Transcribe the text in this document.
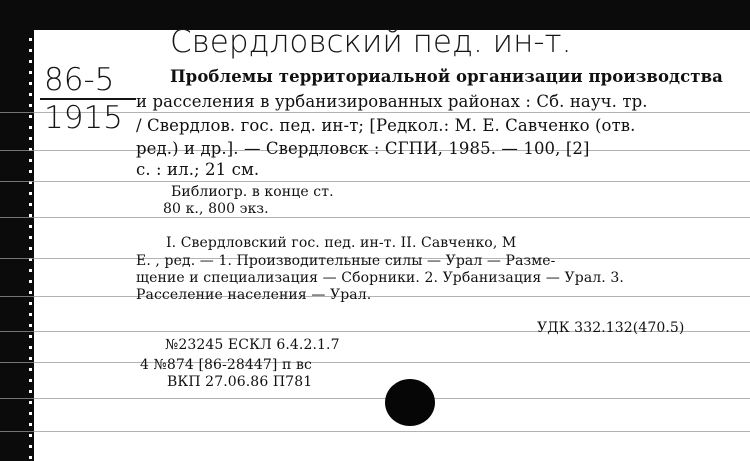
Свердловский пед. ин-т.
86-5
1915
Проблемы территориальной организации производства
и расселения в урбанизированных районах : Сб. науч. тр.
/ Свердлов. гос. пед. ин-т; [Редкол.: М. Е. Савченко (отв.
ред.) и др.]. — Свердловск : СГПИ, 1985. — 100, [2]
с. : ил.; 21 см.
Библиогр. в конце ст.
80 к., 800 экз.
I. Свердловский гос. пед. ин-т. II. Савченко, М
Е. , ред. — 1. Производительные силы — Урал — Разме-
щение и специализация — Сборники. 2. Урбанизация — Урал. 3.
Расселение населения — Урал.
УДК 332.132(470.5)
№23245 ЕСКЛ 6.4.2.1.7
4 №874 [86-28447] п вс
ВКП 27.06.86 П781
